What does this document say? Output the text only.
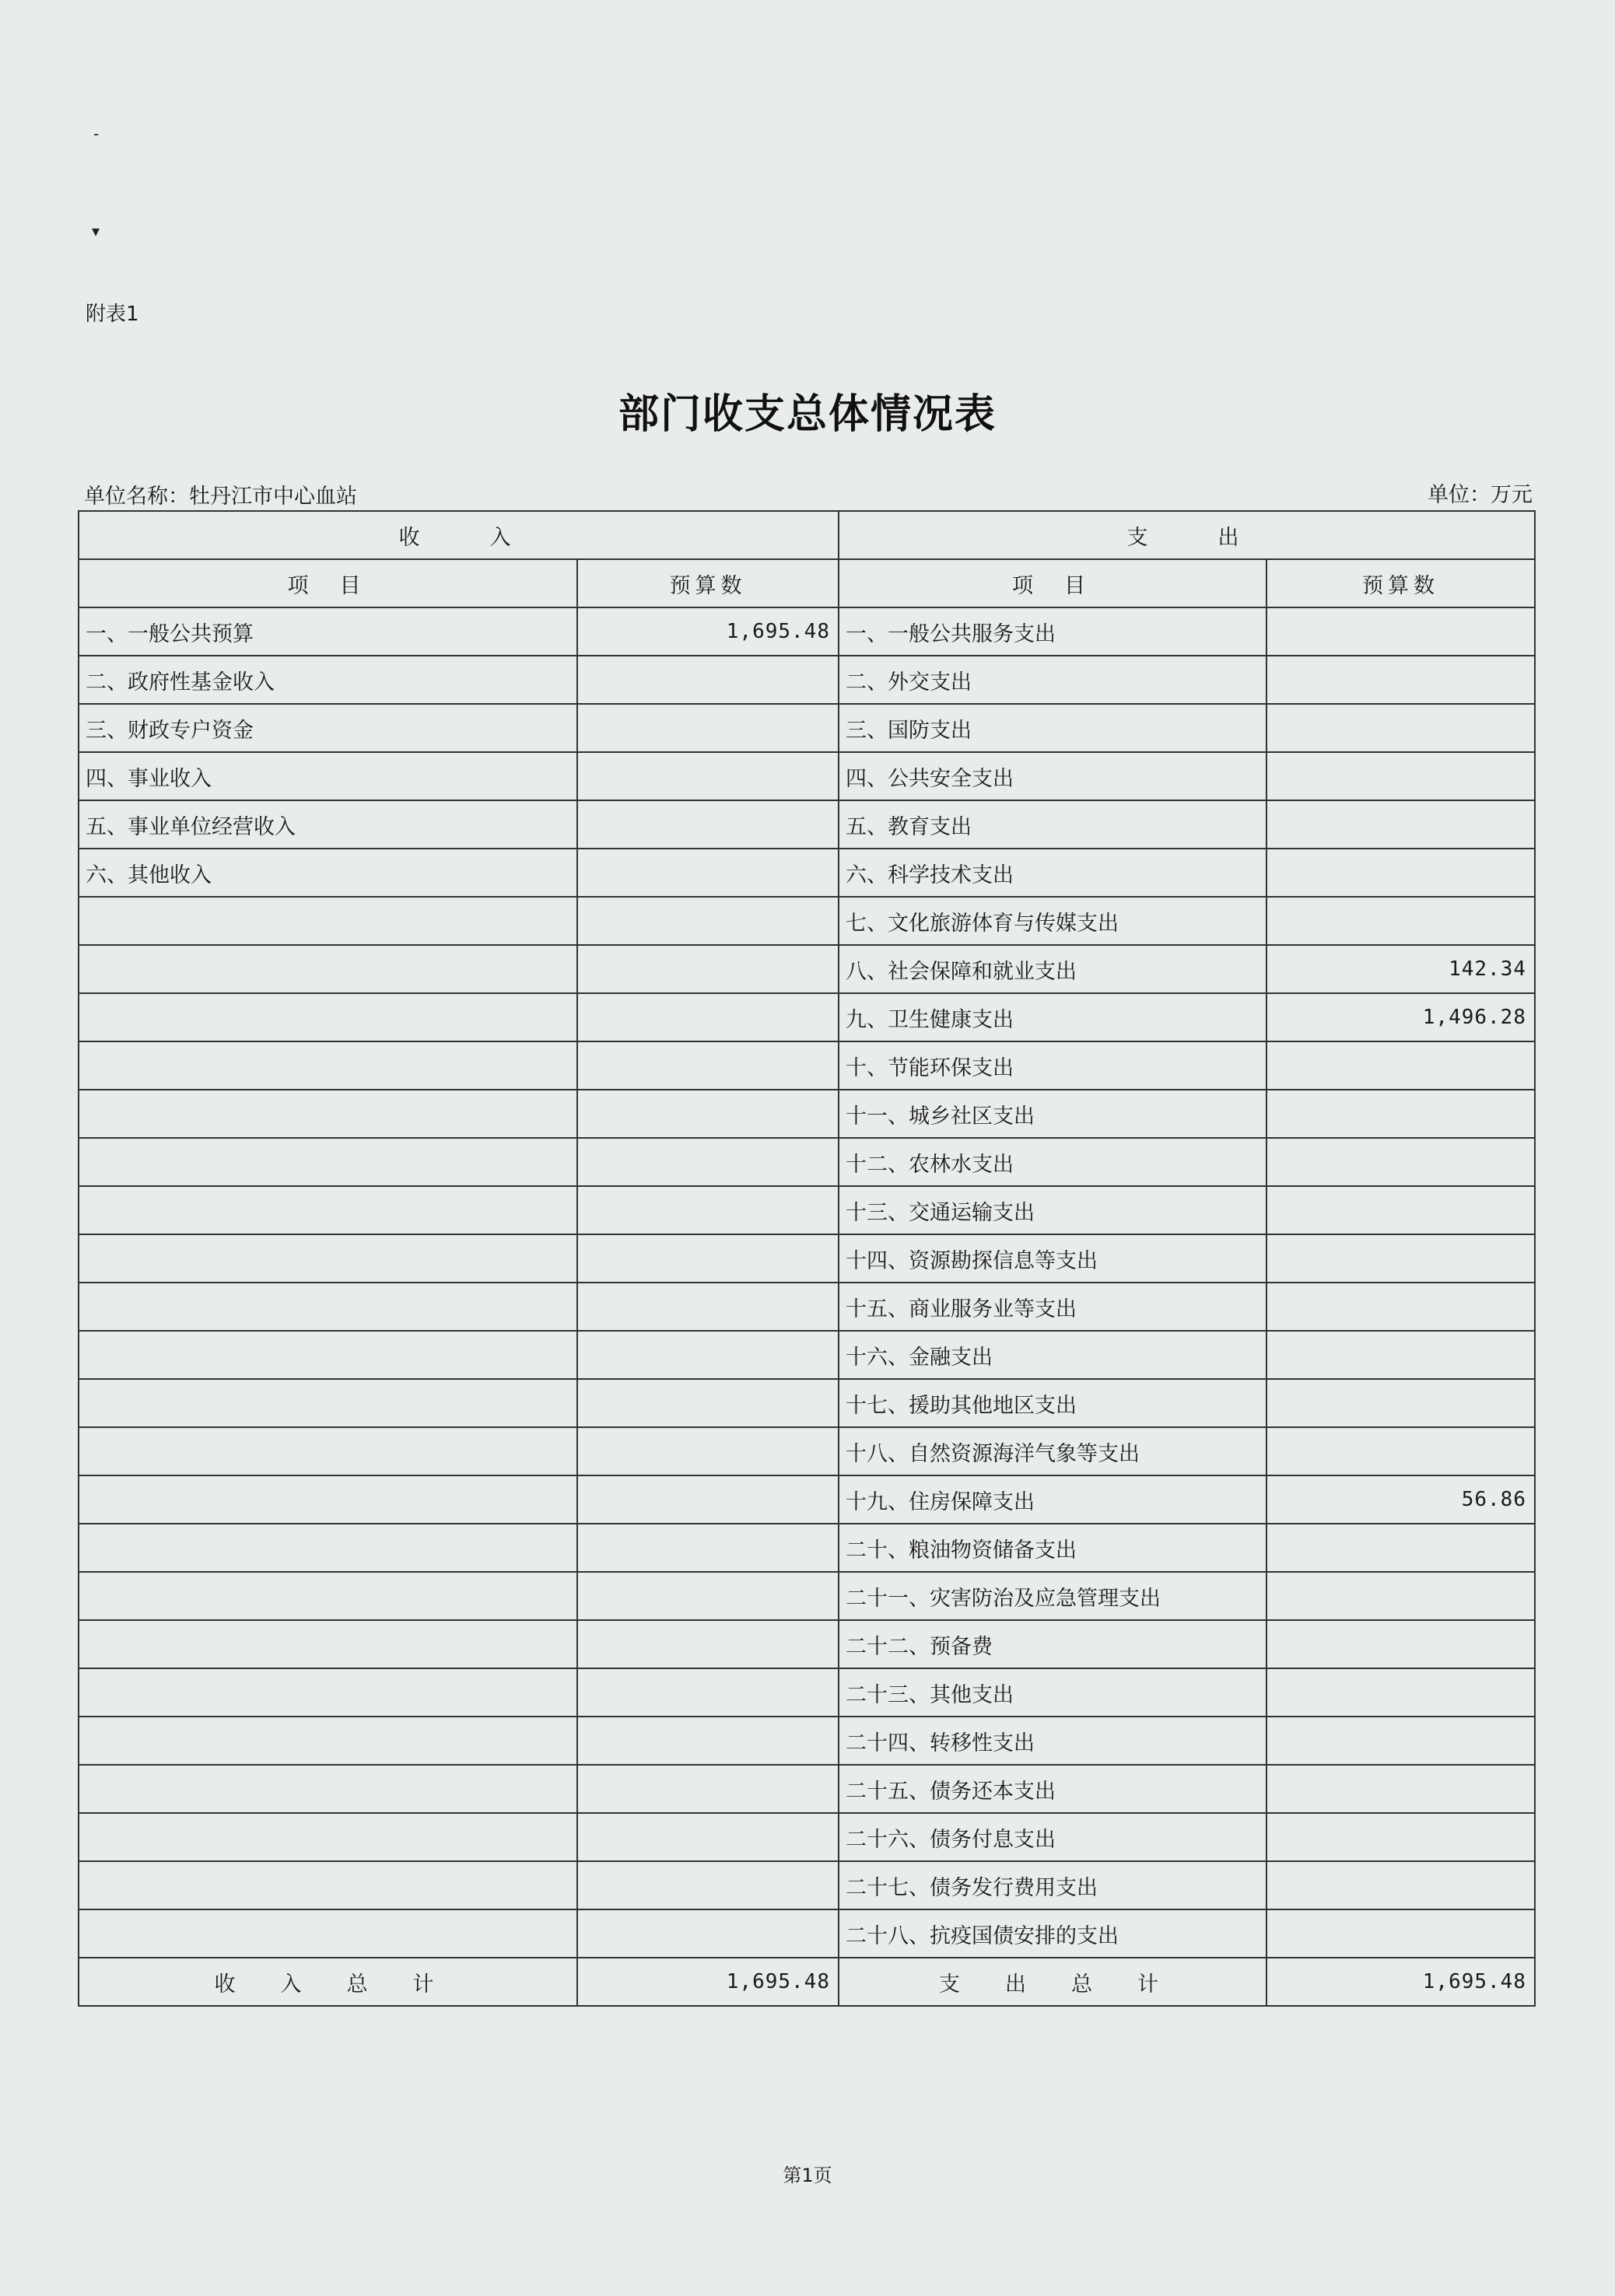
-
▾
附表1
部门收支总体情况表
单位名称：牡丹江市中心血站	单位：万元
收入		支出	
项目	预算数	项目	预算数
一、一般公共预算	1,695.48	一、一般公共服务支出	
二、政府性基金收入		二、外交支出	
三、财政专户资金		三、国防支出	
四、事业收入		四、公共安全支出	
五、事业单位经营收入		五、教育支出	
六、其他收入		六、科学技术支出	
		七、文化旅游体育与传媒支出	
		八、社会保障和就业支出	142.34
		九、卫生健康支出	1,496.28
		十、节能环保支出	
		十一、城乡社区支出	
		十二、农林水支出	
		十三、交通运输支出	
		十四、资源勘探信息等支出	
		十五、商业服务业等支出	
		十六、金融支出	
		十七、援助其他地区支出	
		十八、自然资源海洋气象等支出	
		十九、住房保障支出	56.86
		二十、粮油物资储备支出	
		二十一、灾害防治及应急管理支出	
		二十二、预备费	
		二十三、其他支出	
		二十四、转移性支出	
		二十五、债务还本支出	
		二十六、债务付息支出	
		二十七、债务发行费用支出	
		二十八、抗疫国债安排的支出	
收入总计	1,695.48	支出总计	1,695.48
第1页
